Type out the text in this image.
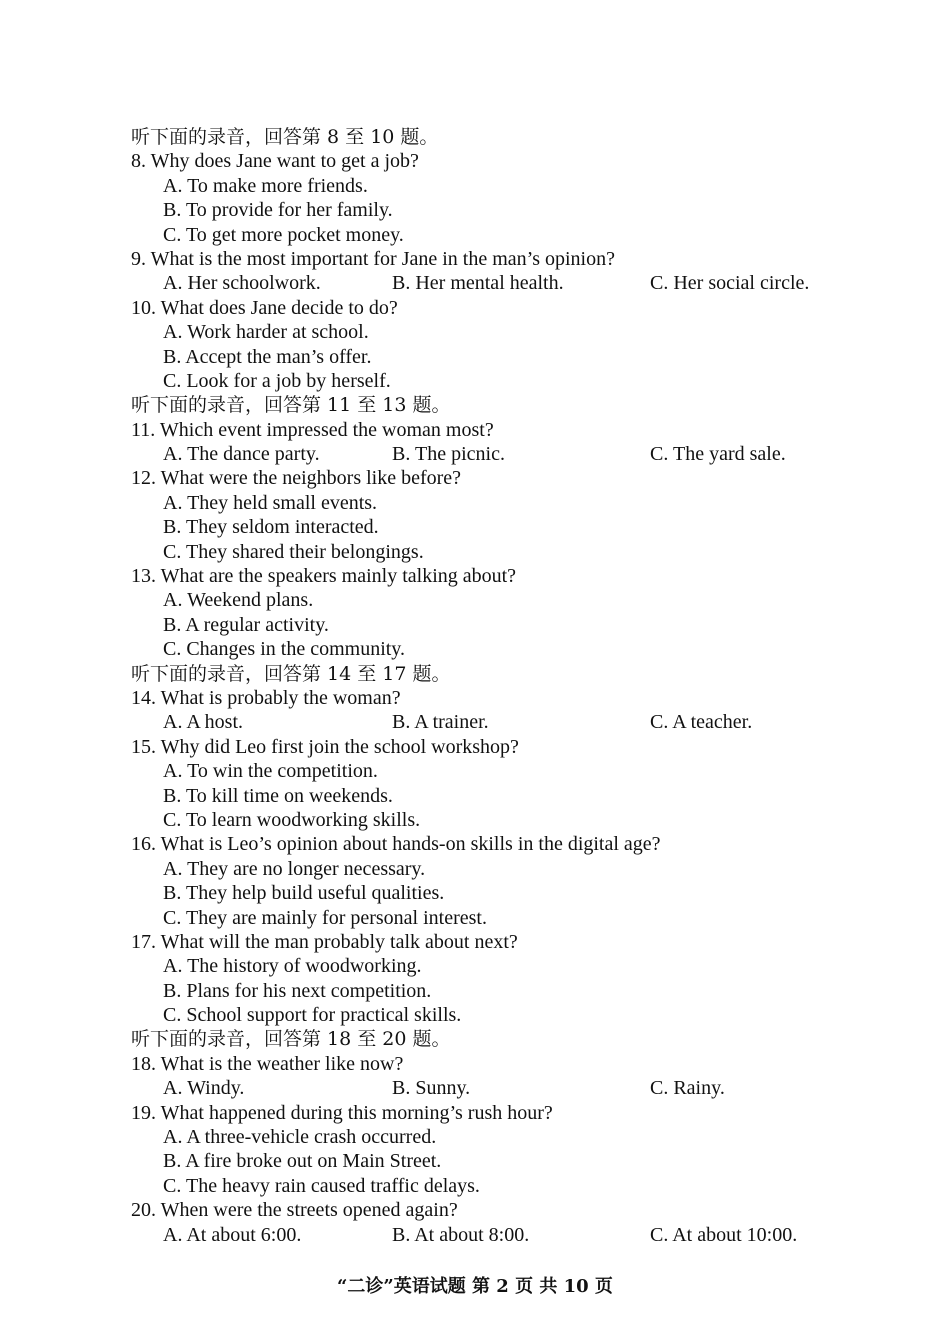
听下面的录音，回答第 8 至 10 题。
8. Why does Jane want to get a job?
A. To make more friends.
B. To provide for her family.
C. To get more pocket money.
9. What is the most important for Jane in the man’s opinion?
A. Her schoolwork.	B. Her mental health.	C. Her social circle.
10. What does Jane decide to do?
A. Work harder at school.
B. Accept the man’s offer.
C. Look for a job by herself.
听下面的录音，回答第 11 至 13 题。
11. Which event impressed the woman most?
A. The dance party.	B. The picnic.	C. The yard sale.
12. What were the neighbors like before?
A. They held small events.
B. They seldom interacted.
C. They shared their belongings.
13. What are the speakers mainly talking about?
A. Weekend plans.
B. A regular activity.
C. Changes in the community.
听下面的录音，回答第 14 至 17 题。
14. What is probably the woman?
A. A host.	B. A trainer.	C. A teacher.
15. Why did Leo first join the school workshop?
A. To win the competition.
B. To kill time on weekends.
C. To learn woodworking skills.
16. What is Leo’s opinion about hands-on skills in the digital age?
A. They are no longer necessary.
B. They help build useful qualities.
C. They are mainly for personal interest.
17. What will the man probably talk about next?
A. The history of woodworking.
B. Plans for his next competition.
C. School support for practical skills.
听下面的录音，回答第 18 至 20 题。
18. What is the weather like now?
A. Windy.	B. Sunny.	C. Rainy.
19. What happened during this morning’s rush hour?
A. A three-vehicle crash occurred.
B. A fire broke out on Main Street.
C. The heavy rain caused traffic delays.
20. When were the streets opened again?
A. At about 6:00.	B. At about 8:00.	C. At about 10:00.
“二诊”英语试题 第 2 页 共 10 页
